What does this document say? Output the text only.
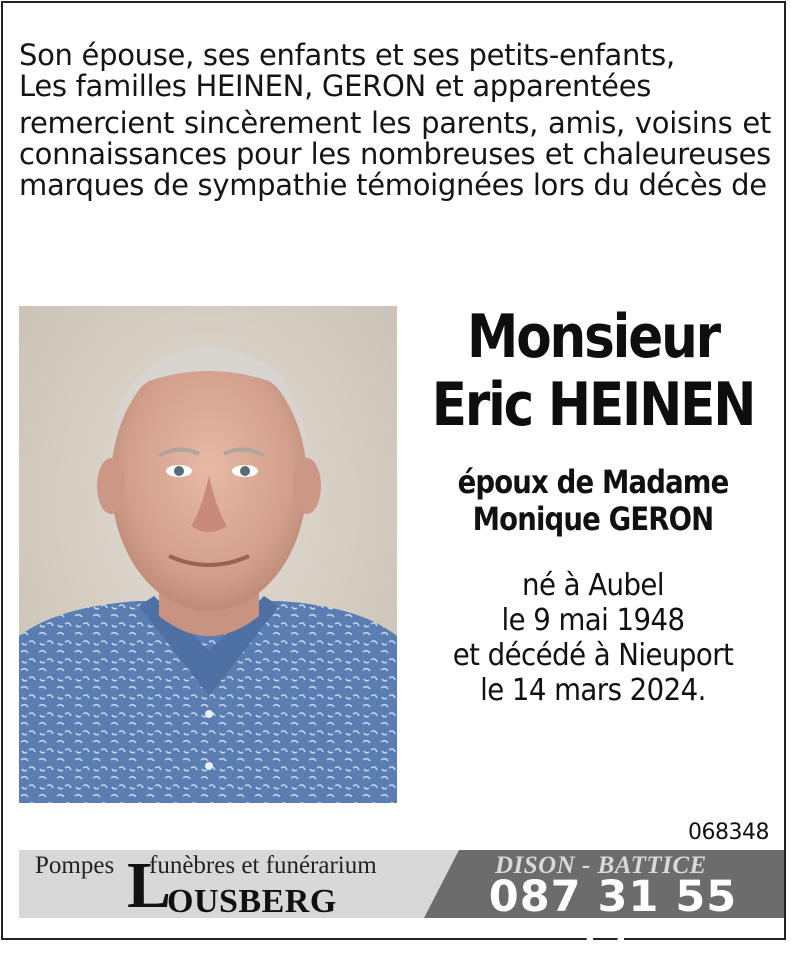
Son épouse, ses enfants et ses petits-enfants,
Les familles HEINEN, GERON et apparentées
remercient sincèrement les parents, amis, voisins et connaissances pour les nombreuses et chaleureuses marques de sympathie témoignées lors du décès de
Monsieur
Eric HEINEN
époux de Madame
Monique GERON
né à Aubel
le 9 mai 1948
et décédé à Nieuport
le 14 mars 2024.
068348
Pompes L
funèbres et funérarium
OUSBERG
DISON - BATTICE
087 31 55 55
